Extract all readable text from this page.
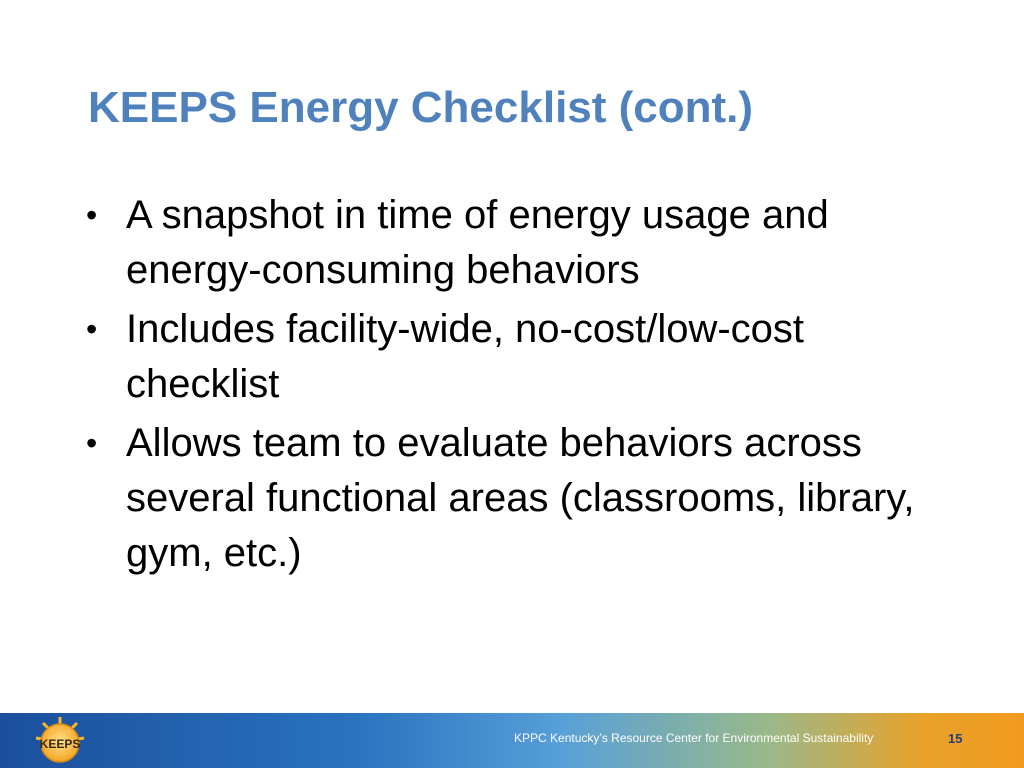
KEEPS Energy Checklist (cont.)
• A snapshot in time of energy usage and energy-consuming behaviors
• Includes facility-wide, no-cost/low-cost checklist
• Allows team to evaluate behaviors across several functional areas (classrooms, library, gym, etc.)
KEEPS	KPPC Kentucky’s Resource Center for Environmental Sustainability	15
